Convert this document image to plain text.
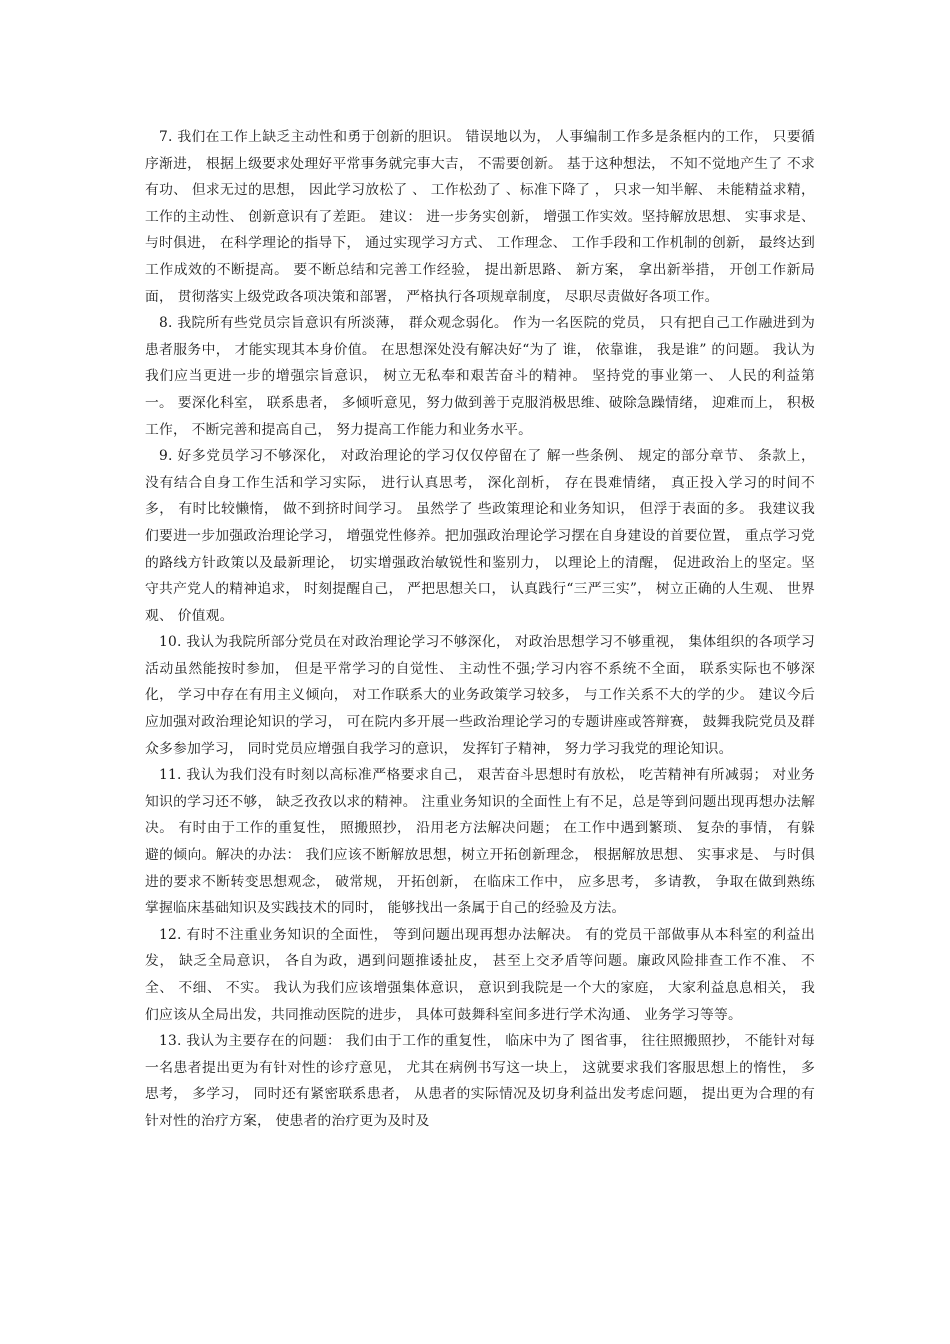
7. 我们在工作上缺乏主动性和勇于创新的胆识。 错误地以为， 人事编制工作多是条框内的工作， 只要循序渐进， 根据上级要求处理好平常事务就完事大吉， 不需要创新。 基于这种想法， 不知不觉地产生了 不求有功、 但求无过的思想， 因此学习放松了 、 工作松劲了 、标准下降了 ， 只求一知半解、 未能精益求精， 工作的主动性、 创新意识有了差距。 建议： 进一步务实创新， 增强工作实效。坚持解放思想、 实事求是、 与时俱进， 在科学理论的指导下， 通过实现学习方式、 工作理念、 工作手段和工作机制的创新， 最终达到工作成效的不断提高。 要不断总结和完善工作经验， 提出新思路、 新方案， 拿出新举措， 开创工作新局面， 贯彻落实上级党政各项决策和部署， 严格执行各项规章制度， 尽职尽责做好各项工作。

8. 我院所有些党员宗旨意识有所淡薄， 群众观念弱化。 作为一名医院的党员， 只有把自己工作融进到为患者服务中， 才能实现其本身价值。 在思想深处没有解决好“为了 谁， 依靠谁， 我是谁” 的问题。 我认为我们应当更进一步的增强宗旨意识， 树立无私奉和艰苦奋斗的精神。 坚持党的事业第一、 人民的利益第一。 要深化科室， 联系患者， 多倾听意见，努力做到善于克服消极思维、破除急躁情绪， 迎难而上， 积极工作， 不断完善和提高自己， 努力提高工作能力和业务水平。

9. 好多党员学习不够深化， 对政治理论的学习仅仅停留在了 解一些条例、 规定的部分章节、 条款上， 没有结合自身工作生活和学习实际， 进行认真思考， 深化剖析， 存在畏难情绪， 真正投入学习的时间不多， 有时比较懒惰， 做不到挤时间学习。 虽然学了 些政策理论和业务知识， 但浮于表面的多。 我建议我们要进一步加强政治理论学习， 增强党性修养。把加强政治理论学习摆在自身建设的首要位置， 重点学习党的路线方针政策以及最新理论， 切实增强政治敏锐性和鉴别力， 以理论上的清醒， 促进政治上的坚定。坚守共产党人的精神追求， 时刻提醒自己， 严把思想关口， 认真践行“三严三实”， 树立正确的人生观、 世界观、 价值观。

10. 我认为我院所部分党员在对政治理论学习不够深化， 对政治思想学习不够重视， 集体组织的各项学习活动虽然能按时参加， 但是平常学习的自觉性、 主动性不强;学习内容不系统不全面， 联系实际也不够深化， 学习中存在有用主义倾向， 对工作联系大的业务政策学习较多， 与工作关系不大的学的少。 建议今后应加强对政治理论知识的学习， 可在院内多开展一些政治理论学习的专题讲座或答辩赛， 鼓舞我院党员及群众多参加学习， 同时党员应增强自我学习的意识， 发挥钉子精神， 努力学习我党的理论知识。

11. 我认为我们没有时刻以高标准严格要求自己， 艰苦奋斗思想时有放松， 吃苦精神有所减弱； 对业务知识的学习还不够， 缺乏孜孜以求的精神。 注重业务知识的全面性上有不足，总是等到问题出现再想办法解决。 有时由于工作的重复性， 照搬照抄， 沿用老方法解决问题； 在工作中遇到繁琐、 复杂的事情， 有躲避的倾向。解决的办法： 我们应该不断解放思想，树立开拓创新理念， 根据解放思想、 实事求是、 与时俱进的要求不断转变思想观念， 破常规， 开拓创新， 在临床工作中， 应多思考， 多请教， 争取在做到熟练掌握临床基础知识及实践技术的同时， 能够找出一条属于自己的经验及方法。

12. 有时不注重业务知识的全面性， 等到问题出现再想办法解决。 有的党员干部做事从本科室的利益出发， 缺乏全局意识， 各自为政，遇到问题推诿扯皮， 甚至上交矛盾等问题。廉政风险排查工作不准、 不全、 不细、 不实。 我认为我们应该增强集体意识， 意识到我院是一个大的家庭， 大家利益息息相关， 我们应该从全局出发，共同推动医院的进步， 具体可鼓舞科室间多进行学术沟通、 业务学习等等。

13. 我认为主要存在的问题： 我们由于工作的重复性， 临床中为了 图省事， 往往照搬照抄， 不能针对每一名患者提出更为有针对性的诊疗意见， 尤其在病例书写这一块上， 这就要求我们客服思想上的惰性， 多思考， 多学习， 同时还有紧密联系患者， 从患者的实际情况及切身利益出发考虑问题， 提出更为合理的有针对性的治疗方案， 使患者的治疗更为及时及
